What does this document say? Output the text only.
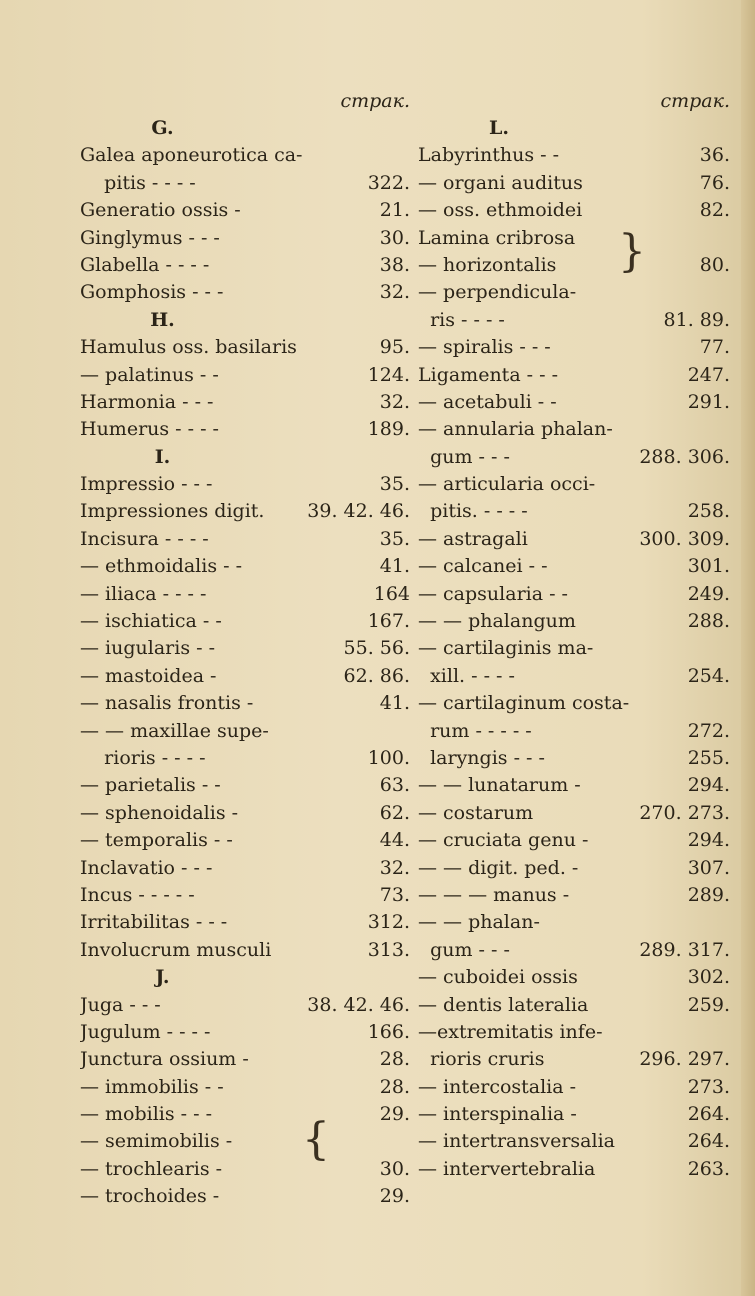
страк.
G.
Galea aponeurotica ca-
pitis - - - -	322.
Generatio ossis -	21.
Ginglymus - - -	30.
Glabella - - - -	38.
Gomphosis - - -	32.
H.
Hamulus oss. basilaris	95.
— palatinus - -	124.
Harmonia - - -	32.
Humerus - - - -	189.
I.
Impressio - - -	35.
Impressiones digit.	39. 42. 46.
Incisura - - - -	35.
— ethmoidalis - -	41.
— iliaca - - - -	164
— ischiatica - -	167.
— iugularis - -	55. 56.
— mastoidea -	62. 86.
— nasalis frontis -	41.
— — maxillae supe-
rioris - - - -	100.
— parietalis - -	63.
— sphenoidalis -	62.
— temporalis - -	44.
Inclavatio - - -	32.
Incus - - - - -	73.
Irritabilitas - - -	312.
Involucrum musculi	313.
J.
Juga - - -	38. 42. 46.
Jugulum - - - -	166.
Junctura ossium -	28.
— immobilis - -	28.
— mobilis - - -	29.
— semimobilis -
— trochlearis -	30.
— trochoides -	29.
страк.
L.
Labyrinthus - -	36.
— organi auditus	76.
— oss. ethmoidei	82.
Lamina cribrosa
— horizontalis	80.
— perpendicula-
ris - - - -	81. 89.
— spiralis - - -	77.
Ligamenta - - -	247.
— acetabuli - -	291.
— annularia phalan-
gum - - -	288. 306.
— articularia occi-
pitis. - - - -	258.
— astragali	300. 309.
— calcanei - -	301.
— capsularia - -	249.
— — phalangum	288.
— cartilaginis ma-
xill. - - - -	254.
— cartilaginum costa-
rum - - - - -	272.
laryngis - - -	255.
— — lunatarum -	294.
— costarum	270. 273.
— cruciata genu -	294.
— — digit. ped. -	307.
— — — manus -	289.
— — phalan-
gum - - -	289. 317.
— cuboidei ossis	302.
— dentis lateralia	259.
—extremitatis infe-
rioris cruris	296. 297.
— intercostalia -	273.
— interspinalia -	264.
— intertransversalia	264.
— intervertebralia	263.
{
}
